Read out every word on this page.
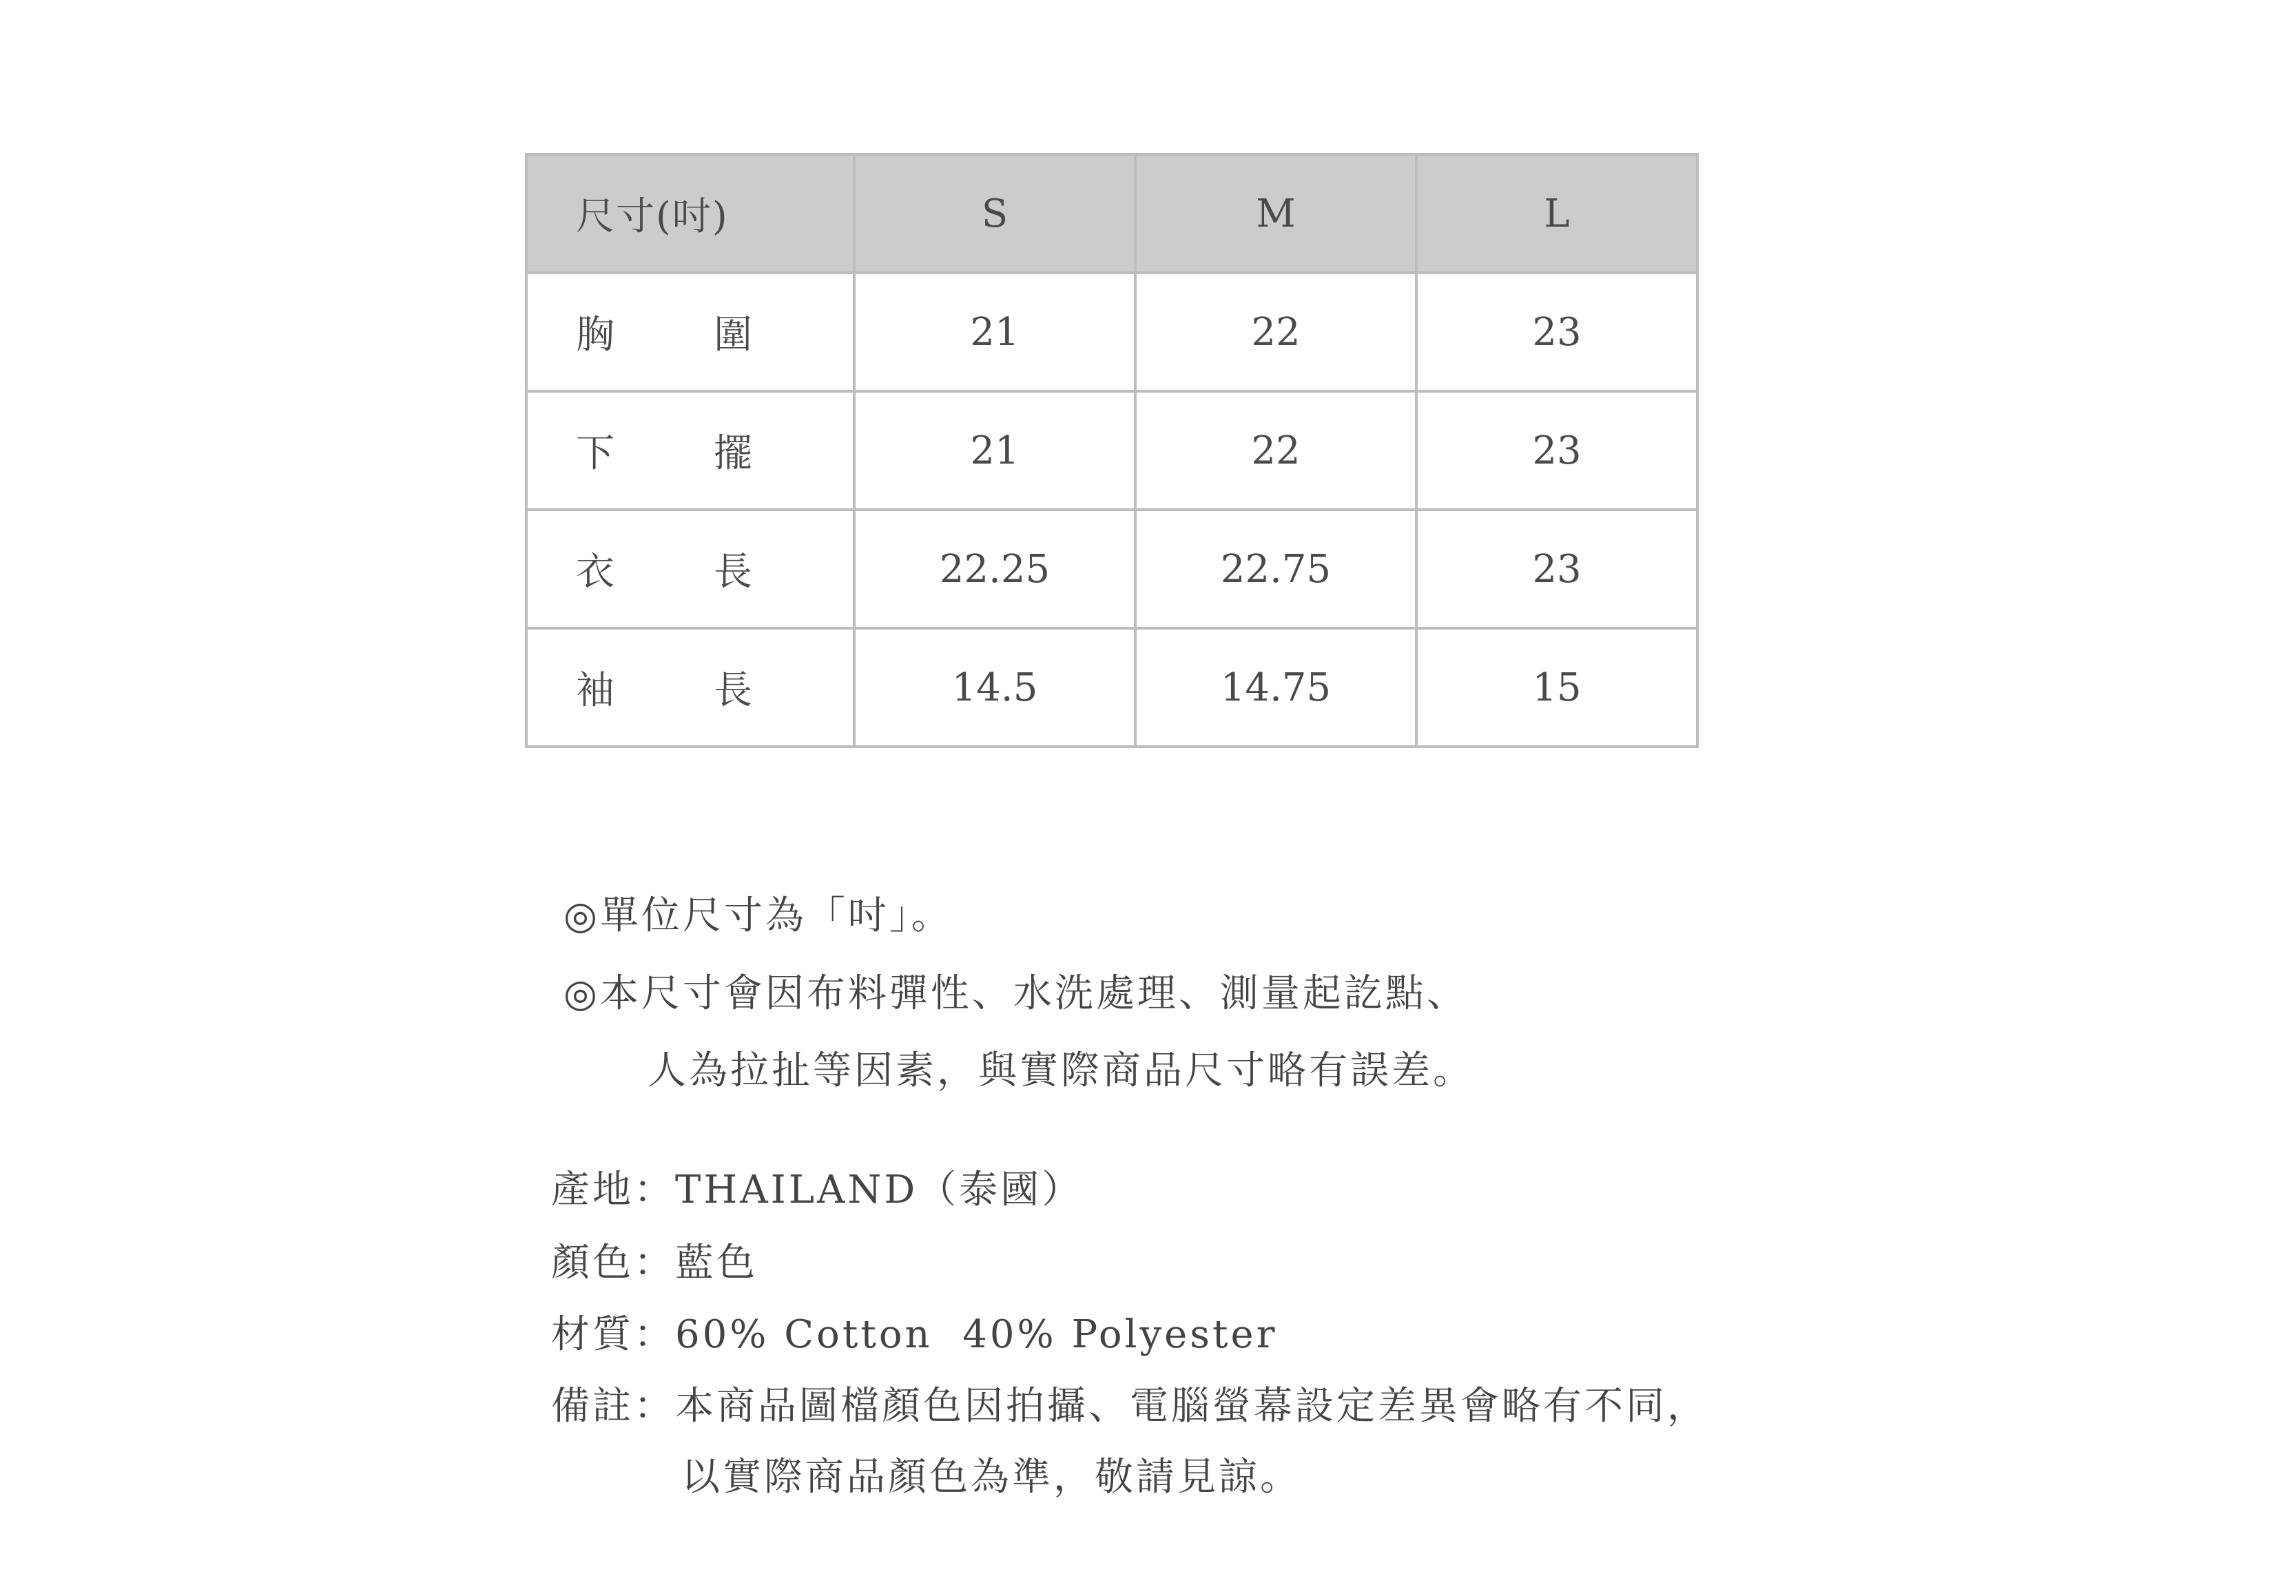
尺寸(吋)	S	M	L

胸 圍	21	22	23

下 擺	21	22	23

衣 長	22.25	22.75	23

袖 長	14.5	14.75	15
◎單位尺寸為「吋」。
◎本尺寸會因布料彈性、水洗處理、測量起訖點、
人為拉扯等因素，與實際商品尺寸略有誤差。
產地：THAILAND（泰國）
顏色：藍色
材質：60% Cotton  40% Polyester
備註：本商品圖檔顏色因拍攝、電腦螢幕設定差異會略有不同，
以實際商品顏色為準，敬請見諒。
